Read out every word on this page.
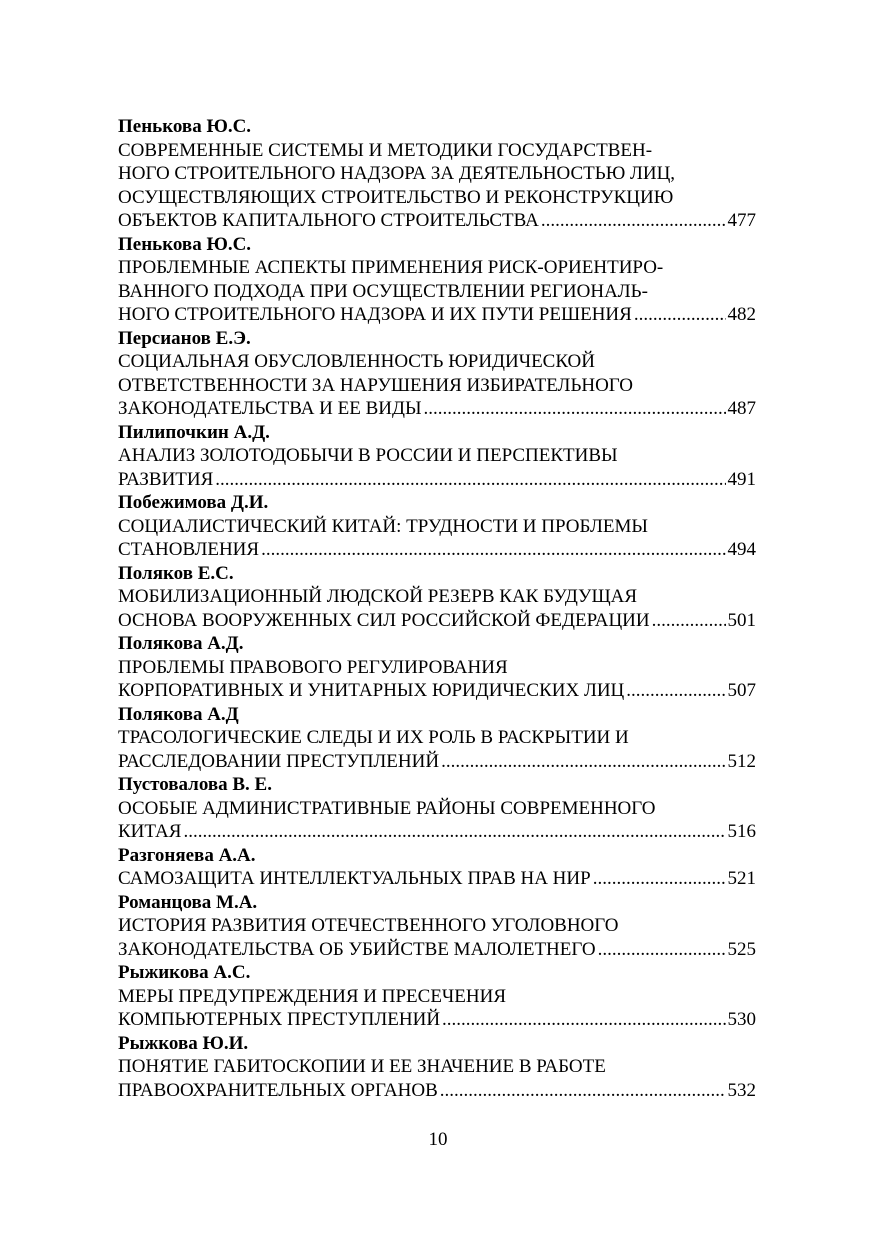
Пенькова Ю.С.
СОВРЕМЕННЫЕ СИСТЕМЫ И МЕТОДИКИ ГОСУДАРСТВЕН-
НОГО СТРОИТЕЛЬНОГО НАДЗОРА ЗА ДЕЯТЕЛЬНОСТЬЮ ЛИЦ,
ОСУЩЕСТВЛЯЮЩИХ СТРОИТЕЛЬСТВО И РЕКОНСТРУКЦИЮ
ОБЪЕКТОВ КАПИТАЛЬНОГО СТРОИТЕЛЬСТВА .....	477
Пенькова Ю.С.
ПРОБЛЕМНЫЕ АСПЕКТЫ ПРИМЕНЕНИЯ РИСК-ОРИЕНТИРО-
ВАННОГО ПОДХОДА ПРИ ОСУЩЕСТВЛЕНИИ РЕГИОНАЛЬ-
НОГО СТРОИТЕЛЬНОГО НАДЗОРА И ИХ ПУТИ РЕШЕНИЯ .....	482
Персианов Е.Э.
СОЦИАЛЬНАЯ ОБУСЛОВЛЕННОСТЬ ЮРИДИЧЕСКОЙ
ОТВЕТСТВЕННОСТИ ЗА НАРУШЕНИЯ ИЗБИРАТЕЛЬНОГО
ЗАКОНОДАТЕЛЬСТВА И ЕЕ ВИДЫ .....	487
Пилипочкин А.Д.
АНАЛИЗ ЗОЛОТОДОБЫЧИ В РОССИИ И ПЕРСПЕКТИВЫ
РАЗВИТИЯ .....	491
Побежимова Д.И.
СОЦИАЛИСТИЧЕСКИЙ КИТАЙ: ТРУДНОСТИ И ПРОБЛЕМЫ
СТАНОВЛЕНИЯ .....	494
Поляков Е.С.
МОБИЛИЗАЦИОННЫЙ ЛЮДСКОЙ РЕЗЕРВ КАК БУДУЩАЯ
ОСНОВА ВООРУЖЕННЫХ СИЛ РОССИЙСКОЙ ФЕДЕРАЦИИ .....	501
Полякова А.Д.
ПРОБЛЕМЫ ПРАВОВОГО РЕГУЛИРОВАНИЯ
КОРПОРАТИВНЫХ И УНИТАРНЫХ ЮРИДИЧЕСКИХ ЛИЦ .....	507
Полякова А.Д
ТРАСОЛОГИЧЕСКИЕ СЛЕДЫ И ИХ РОЛЬ В РАСКРЫТИИ И
РАССЛЕДОВАНИИ ПРЕСТУПЛЕНИЙ .....	512
Пустовалова В. Е.
ОСОБЫЕ АДМИНИСТРАТИВНЫЕ РАЙОНЫ СОВРЕМЕННОГО
КИТАЯ .....	516
Разгоняева А.А.
САМОЗАЩИТА ИНТЕЛЛЕКТУАЛЬНЫХ ПРАВ НА НИР .....	521
Романцова М.А.
ИСТОРИЯ РАЗВИТИЯ ОТЕЧЕСТВЕННОГО УГОЛОВНОГО
ЗАКОНОДАТЕЛЬСТВА ОБ УБИЙСТВЕ МАЛОЛЕТНЕГО .....	525
Рыжикова А.С.
МЕРЫ ПРЕДУПРЕЖДЕНИЯ И ПРЕСЕЧЕНИЯ
КОМПЬЮТЕРНЫХ ПРЕСТУПЛЕНИЙ .....	530
Рыжкова Ю.И.
ПОНЯТИЕ ГАБИТОСКОПИИ И ЕЕ ЗНАЧЕНИЕ В РАБОТЕ
ПРАВООХРАНИТЕЛЬНЫХ ОРГАНОВ .....	532
10
